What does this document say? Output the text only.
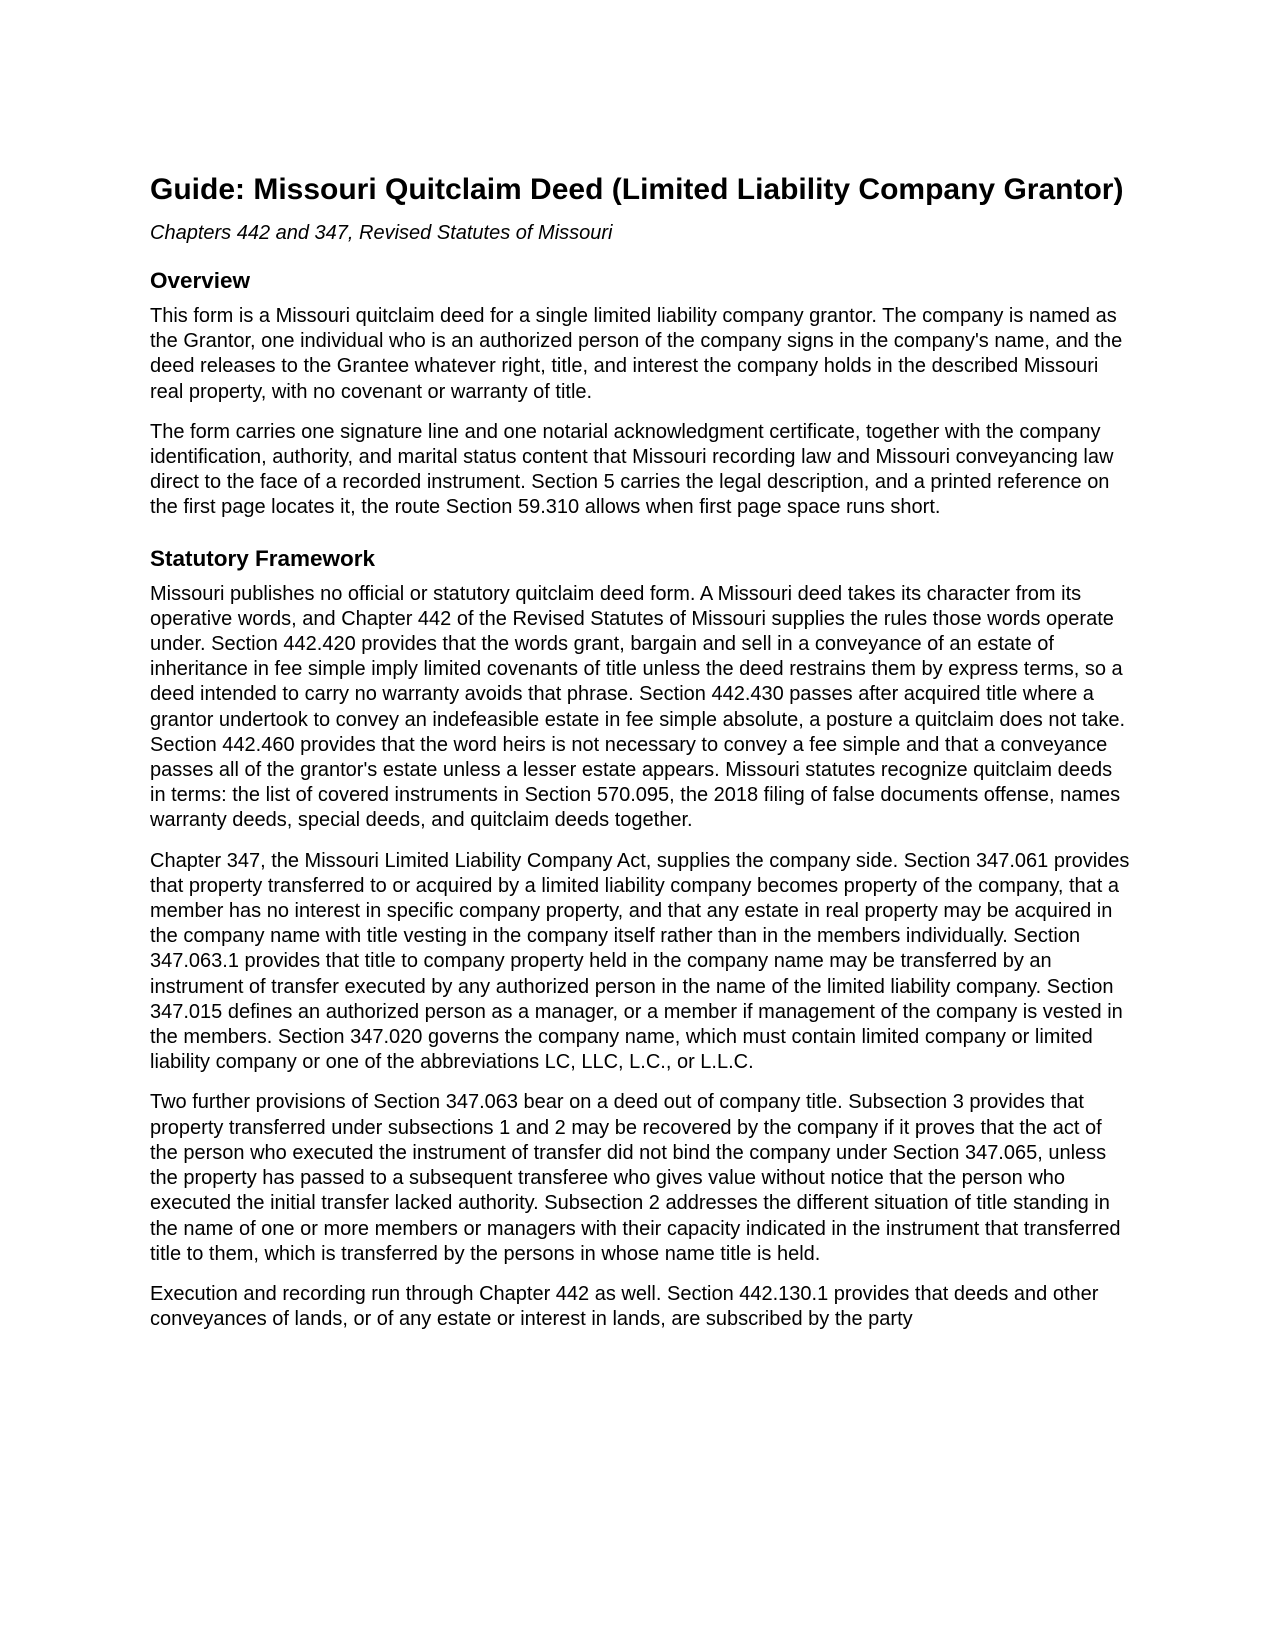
Guide: Missouri Quitclaim Deed (Limited Liability Company Grantor)
Chapters 442 and 347, Revised Statutes of Missouri
Overview

This form is a Missouri quitclaim deed for a single limited liability company grantor. The company is named as the Grantor, one individual who is an authorized person of the company signs in the company's name, and the deed releases to the Grantee whatever right, title, and interest the company holds in the described Missouri real property, with no covenant or warranty of title.

The form carries one signature line and one notarial acknowledgment certificate, together with the company identification, authority, and marital status content that Missouri recording law and Missouri conveyancing law direct to the face of a recorded instrument. Section 5 carries the legal description, and a printed reference on the first page locates it, the route Section 59.310 allows when first page space runs short.

Statutory Framework

Missouri publishes no official or statutory quitclaim deed form. A Missouri deed takes its character from its operative words, and Chapter 442 of the Revised Statutes of Missouri supplies the rules those words operate under. Section 442.420 provides that the words grant, bargain and sell in a conveyance of an estate of inheritance in fee simple imply limited covenants of title unless the deed restrains them by express terms, so a deed intended to carry no warranty avoids that phrase. Section 442.430 passes after acquired title where a grantor undertook to convey an indefeasible estate in fee simple absolute, a posture a quitclaim does not take. Section 442.460 provides that the word heirs is not necessary to convey a fee simple and that a conveyance passes all of the grantor's estate unless a lesser estate appears. Missouri statutes recognize quitclaim deeds in terms: the list of covered instruments in Section 570.095, the 2018 filing of false documents offense, names warranty deeds, special deeds, and quitclaim deeds together.

Chapter 347, the Missouri Limited Liability Company Act, supplies the company side. Section 347.061 provides that property transferred to or acquired by a limited liability company becomes property of the company, that a member has no interest in specific company property, and that any estate in real property may be acquired in the company name with title vesting in the company itself rather than in the members individually. Section 347.063.1 provides that title to company property held in the company name may be transferred by an instrument of transfer executed by any authorized person in the name of the limited liability company. Section 347.015 defines an authorized person as a manager, or a member if management of the company is vested in the members. Section 347.020 governs the company name, which must contain limited company or limited liability company or one of the abbreviations LC, LLC, L.C., or L.L.C.

Two further provisions of Section 347.063 bear on a deed out of company title. Subsection 3 provides that property transferred under subsections 1 and 2 may be recovered by the company if it proves that the act of the person who executed the instrument of transfer did not bind the company under Section 347.065, unless the property has passed to a subsequent transferee who gives value without notice that the person who executed the initial transfer lacked authority. Subsection 2 addresses the different situation of title standing in the name of one or more members or managers with their capacity indicated in the instrument that transferred title to them, which is transferred by the persons in whose name title is held.

Execution and recording run through Chapter 442 as well. Section 442.130.1 provides that deeds and other conveyances of lands, or of any estate or interest in lands, are subscribed by the party
